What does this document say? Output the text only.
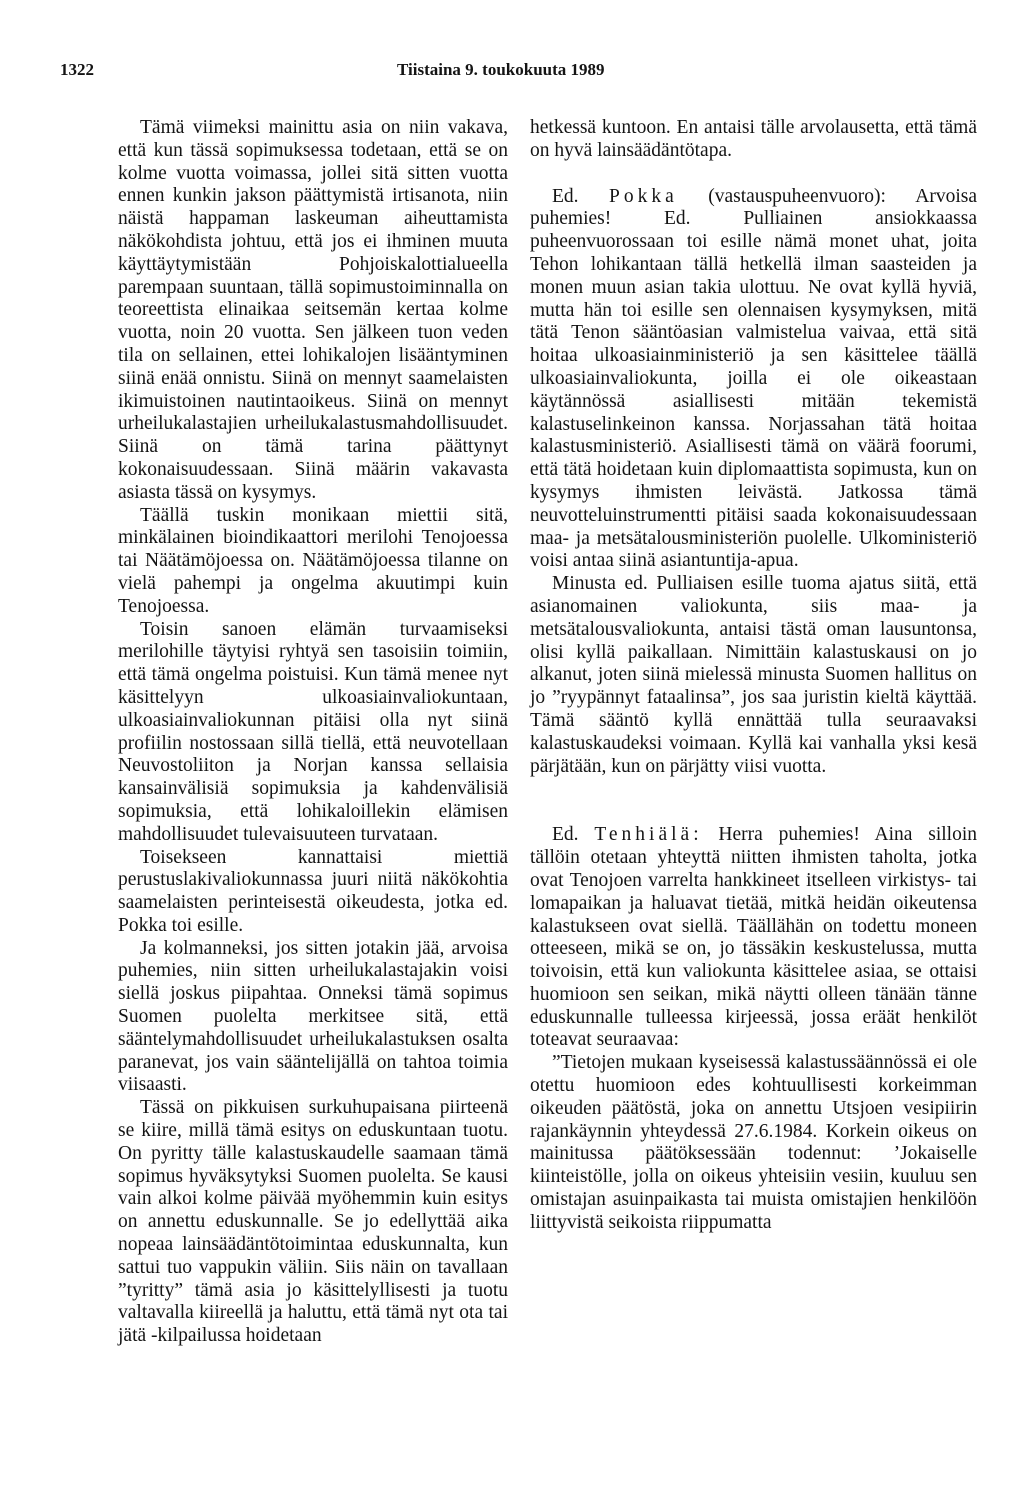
1322	Tiistaina 9. toukokuuta 1989

Tämä viimeksi mainittu asia on niin vakava, että kun tässä sopimuksessa todetaan, että se on kolme vuotta voimassa, jollei sitä sitten vuotta ennen kunkin jakson päättymistä irtisanota, niin näistä happaman laskeuman aiheuttamista näkökohdista johtuu, että jos ei ihminen muuta käyttäytymistään Pohjoiskalottialueella parempaan suuntaan, tällä sopimustoiminnalla on teoreettista elinaikaa seitsemän kertaa kolme vuotta, noin 20 vuotta. Sen jälkeen tuon veden tila on sellainen, ettei lohikalojen lisääntyminen siinä enää onnistu. Siinä on mennyt saamelaisten ikimuistoinen nautintaoikeus. Siinä on mennyt urheilukalastajien urheilukalastusmahdollisuudet. Siinä on tämä tarina päättynyt kokonaisuudessaan. Siinä määrin vakavasta asiasta tässä on kysymys.

Täällä tuskin monikaan miettii sitä, minkälainen bioindikaattori merilohi Tenojoessa tai Näätämöjoessa on. Näätämöjoessa tilanne on vielä pahempi ja ongelma akuutimpi kuin Tenojoessa.

Toisin sanoen elämän turvaamiseksi merilohille täytyisi ryhtyä sen tasoisiin toimiin, että tämä ongelma poistuisi. Kun tämä menee nyt käsittelyyn ulkoasiainvaliokuntaan, ulkoasiainvaliokunnan pitäisi olla nyt siinä profiilin nostossaan sillä tiellä, että neuvotellaan Neuvostoliiton ja Norjan kanssa sellaisia kansainvälisiä sopimuksia ja kahdenvälisiä sopimuksia, että lohikaloillekin elämisen mahdollisuudet tulevaisuuteen turvataan.

Toisekseen kannattaisi miettiä perustuslakivaliokunnassa juuri niitä näkökohtia saamelaisten perinteisestä oikeudesta, jotka ed. Pokka toi esille.

Ja kolmanneksi, jos sitten jotakin jää, arvoisa puhemies, niin sitten urheilukalastajakin voisi siellä joskus piipahtaa. Onneksi tämä sopimus Suomen puolelta merkitsee sitä, että sääntelymahdollisuudet urheilukalastuksen osalta paranevat, jos vain sääntelijällä on tahtoa toimia viisaasti.

Tässä on pikkuisen surkuhupaisana piirteenä se kiire, millä tämä esitys on eduskuntaan tuotu. On pyritty tälle kalastuskaudelle saamaan tämä sopimus hyväksytyksi Suomen puolelta. Se kausi vain alkoi kolme päivää myöhemmin kuin esitys on annettu eduskunnalle. Se jo edellyttää aika nopeaa lainsäädäntötoimintaa eduskunnalta, kun sattui tuo vappukin väliin. Siis näin on tavallaan ”tyritty” tämä asia jo käsittelyllisesti ja tuotu valtavalla kiireellä ja haluttu, että tämä nyt ota tai jätä -kilpailussa hoidetaan

hetkessä kuntoon. En antaisi tälle arvolausetta, että tämä on hyvä lainsäädäntötapa.

Ed. Pokka (vastauspuheenvuoro): Arvoisa puhemies! Ed. Pulliainen ansiokkaassa puheenvuorossaan toi esille nämä monet uhat, joita Tehon lohikantaan tällä hetkellä ilman saasteiden ja monen muun asian takia ulottuu. Ne ovat kyllä hyviä, mutta hän toi esille sen olennaisen kysymyksen, mitä tätä Tenon sääntöasian valmistelua vaivaa, että sitä hoitaa ulkoasiainministeriö ja sen käsittelee täällä ulkoasiainvaliokunta, joilla ei ole oikeastaan käytännössä asiallisesti mitään tekemistä kalastuselinkeinon kanssa. Norjassahan tätä hoitaa kalastusministeriö. Asiallisesti tämä on väärä foorumi, että tätä hoidetaan kuin diplomaattista sopimusta, kun on kysymys ihmisten leivästä. Jatkossa tämä neuvotteluinstrumentti pitäisi saada kokonaisuudessaan maa- ja metsätalousministeriön puolelle. Ulkoministeriö voisi antaa siinä asiantuntija-apua.

Minusta ed. Pulliaisen esille tuoma ajatus siitä, että asianomainen valiokunta, siis maa- ja metsätalousvaliokunta, antaisi tästä oman lausuntonsa, olisi kyllä paikallaan. Nimittäin kalastuskausi on jo alkanut, joten siinä mielessä minusta Suomen hallitus on jo ”ryypännyt fataalinsa”, jos saa juristin kieltä käyttää. Tämä sääntö kyllä ennättää tulla seuraavaksi kalastuskaudeksi voimaan. Kyllä kai vanhalla yksi kesä pärjätään, kun on pärjätty viisi vuotta.

Ed. Tenhiälä: Herra puhemies! Aina silloin tällöin otetaan yhteyttä niitten ihmisten taholta, jotka ovat Tenojoen varrelta hankkineet itselleen virkistys- tai lomapaikan ja haluavat tietää, mitkä heidän oikeutensa kalastukseen ovat siellä. Täällähän on todettu moneen otteeseen, mikä se on, jo tässäkin keskustelussa, mutta toivoisin, että kun valiokunta käsittelee asiaa, se ottaisi huomioon sen seikan, mikä näytti olleen tänään tänne eduskunnalle tulleessa kirjeessä, jossa eräät henkilöt toteavat seuraavaa:

”Tietojen mukaan kyseisessä kalastussäännössä ei ole otettu huomioon edes kohtuullisesti korkeimman oikeuden päätöstä, joka on annettu Utsjoen vesipiirin rajankäynnin yhteydessä 27.6.1984. Korkein oikeus on mainitussa päätöksessään todennut: ’Jokaiselle kiinteistölle, jolla on oikeus yhteisiin vesiin, kuuluu sen omistajan asuinpaikasta tai muista omistajien henkilöön liittyvistä seikoista riippumatta
